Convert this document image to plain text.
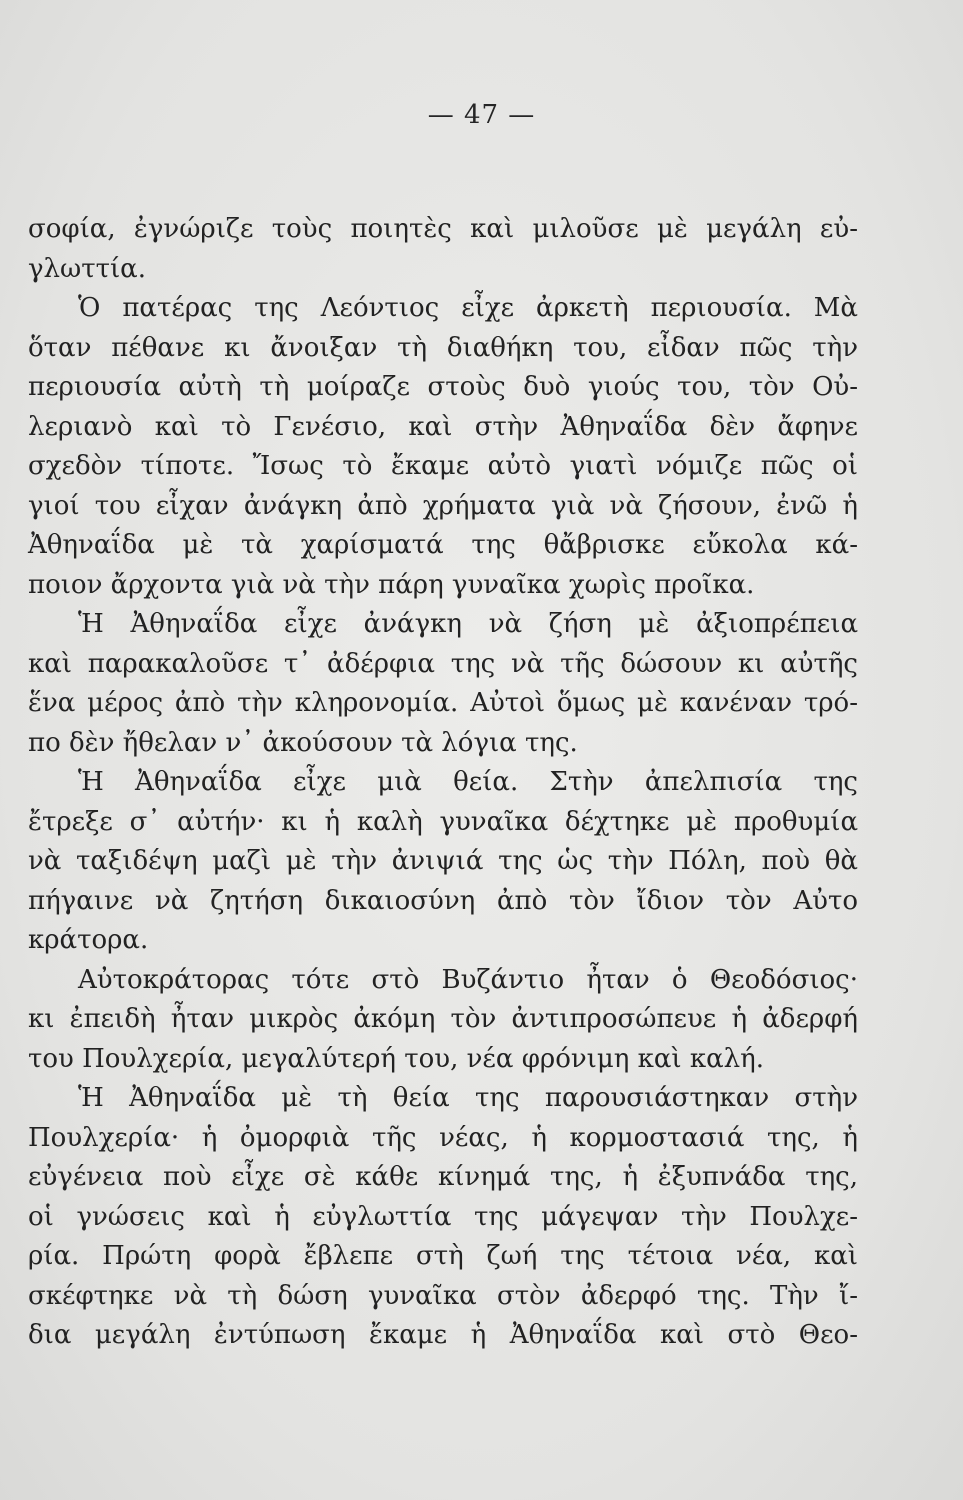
— 47 —
σοφία, ἐγνώριζε τοὺς ποιητὲς καὶ μιλοῦσε μὲ μεγάλη εὐ-
γλωττία.
Ὁ πατέρας της Λεόντιος εἶχε ἀρκετὴ περιουσία. Μὰ
ὅταν πέθανε κι ἄνοιξαν τὴ διαθήκη του, εἶδαν πῶς τὴν
περιουσία αὐτὴ τὴ μοίραζε στοὺς δυὸ γιούς του, τὸν Οὐ-
λεριανὸ καὶ τὸ Γενέσιο, καὶ στὴν Ἀθηναΐδα δὲν ἄφηνε
σχεδὸν τίποτε. Ἴσως τὸ ἔκαμε αὐτὸ γιατὶ νόμιζε πῶς οἱ
γιοί του εἶχαν ἀνάγκη ἀπὸ χρήματα γιὰ νὰ ζήσουν, ἐνῶ ἡ
Ἀθηναΐδα μὲ τὰ χαρίσματά της θἄβρισκε εὔκολα κά-
ποιον ἄρχοντα γιὰ νὰ τὴν πάρη γυναῖκα χωρὶς προῖκα.
Ἡ Ἀθηναΐδα εἶχε ἀνάγκη νὰ ζήση μὲ ἀξιοπρέπεια
καὶ παρακαλοῦσε τ᾽ ἀδέρφια της νὰ τῆς δώσουν κι αὐτῆς
ἕνα μέρος ἀπὸ τὴν κληρονομία. Αὐτοὶ ὅμως μὲ κανέναν τρό-
πο δὲν ἤθελαν ν᾽ ἀκούσουν τὰ λόγια της.
Ἡ Ἀθηναΐδα εἶχε μιὰ θεία. Στὴν ἀπελπισία της
ἔτρεξε σ᾽ αὐτήν· κι ἡ καλὴ γυναῖκα δέχτηκε μὲ προθυμία
νὰ ταξιδέψη μαζὶ μὲ τὴν ἀνιψιά της ὡς τὴν Πόλη, ποὺ θὰ
πήγαινε νὰ ζητήση δικαιοσύνη ἀπὸ τὸν ἴδιον τὸν Αὐτο
κράτορα.
Αὐτοκράτορας τότε στὸ Βυζάντιο ἦταν ὁ Θεοδόσιος·
κι ἐπειδὴ ἦταν μικρὸς ἀκόμη τὸν ἀντιπροσώπευε ἡ ἀδερφή
του Πουλχερία, μεγαλύτερή του, νέα φρόνιμη καὶ καλή.
Ἡ Ἀθηναΐδα μὲ τὴ θεία της παρουσιάστηκαν στὴν
Πουλχερία· ἡ ὀμορφιὰ τῆς νέας, ἡ κορμοστασιά της, ἡ
εὐγένεια ποὺ εἶχε σὲ κάθε κίνημά της, ἡ ἐξυπνάδα της,
οἱ γνώσεις καὶ ἡ εὐγλωττία της μάγεψαν τὴν Πουλχε-
ρία. Πρώτη φορὰ ἔβλεπε στὴ ζωή της τέτοια νέα, καὶ
σκέφτηκε νὰ τὴ δώση γυναῖκα στὸν ἀδερφό της. Τὴν ἴ-
δια μεγάλη ἐντύπωση ἔκαμε ἡ Ἀθηναΐδα καὶ στὸ Θεο-
